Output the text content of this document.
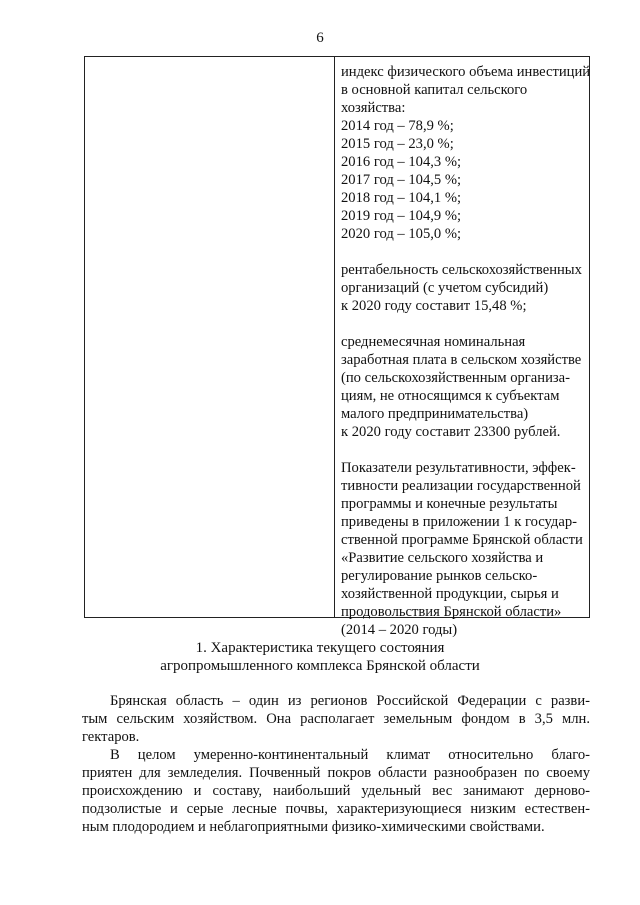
6
индекс физического объема инвестиций
в основной капитал сельского
хозяйства:
2014 год – 78,9 %;
2015 год – 23,0 %;
2016 год – 104,3 %;
2017 год – 104,5 %;
2018 год – 104,1 %;
2019 год – 104,9 %;
2020 год – 105,0 %;
рентабельность сельскохозяйственных
организаций (с учетом субсидий)
к 2020 году составит 15,48 %;
среднемесячная номинальная
заработная плата в сельском хозяйстве
(по сельскохозяйственным организа-
циям, не относящимся к субъектам
малого предпринимательства)
к 2020 году составит 23300 рублей.
Показатели результативности, эффек-
тивности реализации государственной
программы и конечные результаты
приведены в приложении 1 к государ-
ственной программе Брянской области
«Развитие сельского хозяйства и
регулирование рынков сельско-
хозяйственной продукции, сырья и
продовольствия Брянской области»
(2014 – 2020 годы)
1. Характеристика текущего состояния
агропромышленного комплекса Брянской области
Брянская область – один из регионов Российской Федерации с разви-
тым сельским хозяйством. Она располагает земельным фондом в 3,5 млн.
гектаров.
В целом умеренно-континентальный климат относительно благо-
приятен для земледелия. Почвенный покров области разнообразен по своему
происхождению и составу, наибольший удельный вес занимают дерново-
подзолистые и серые лесные почвы, характеризующиеся низким естествен-
ным плодородием и неблагоприятными физико-химическими свойствами.
